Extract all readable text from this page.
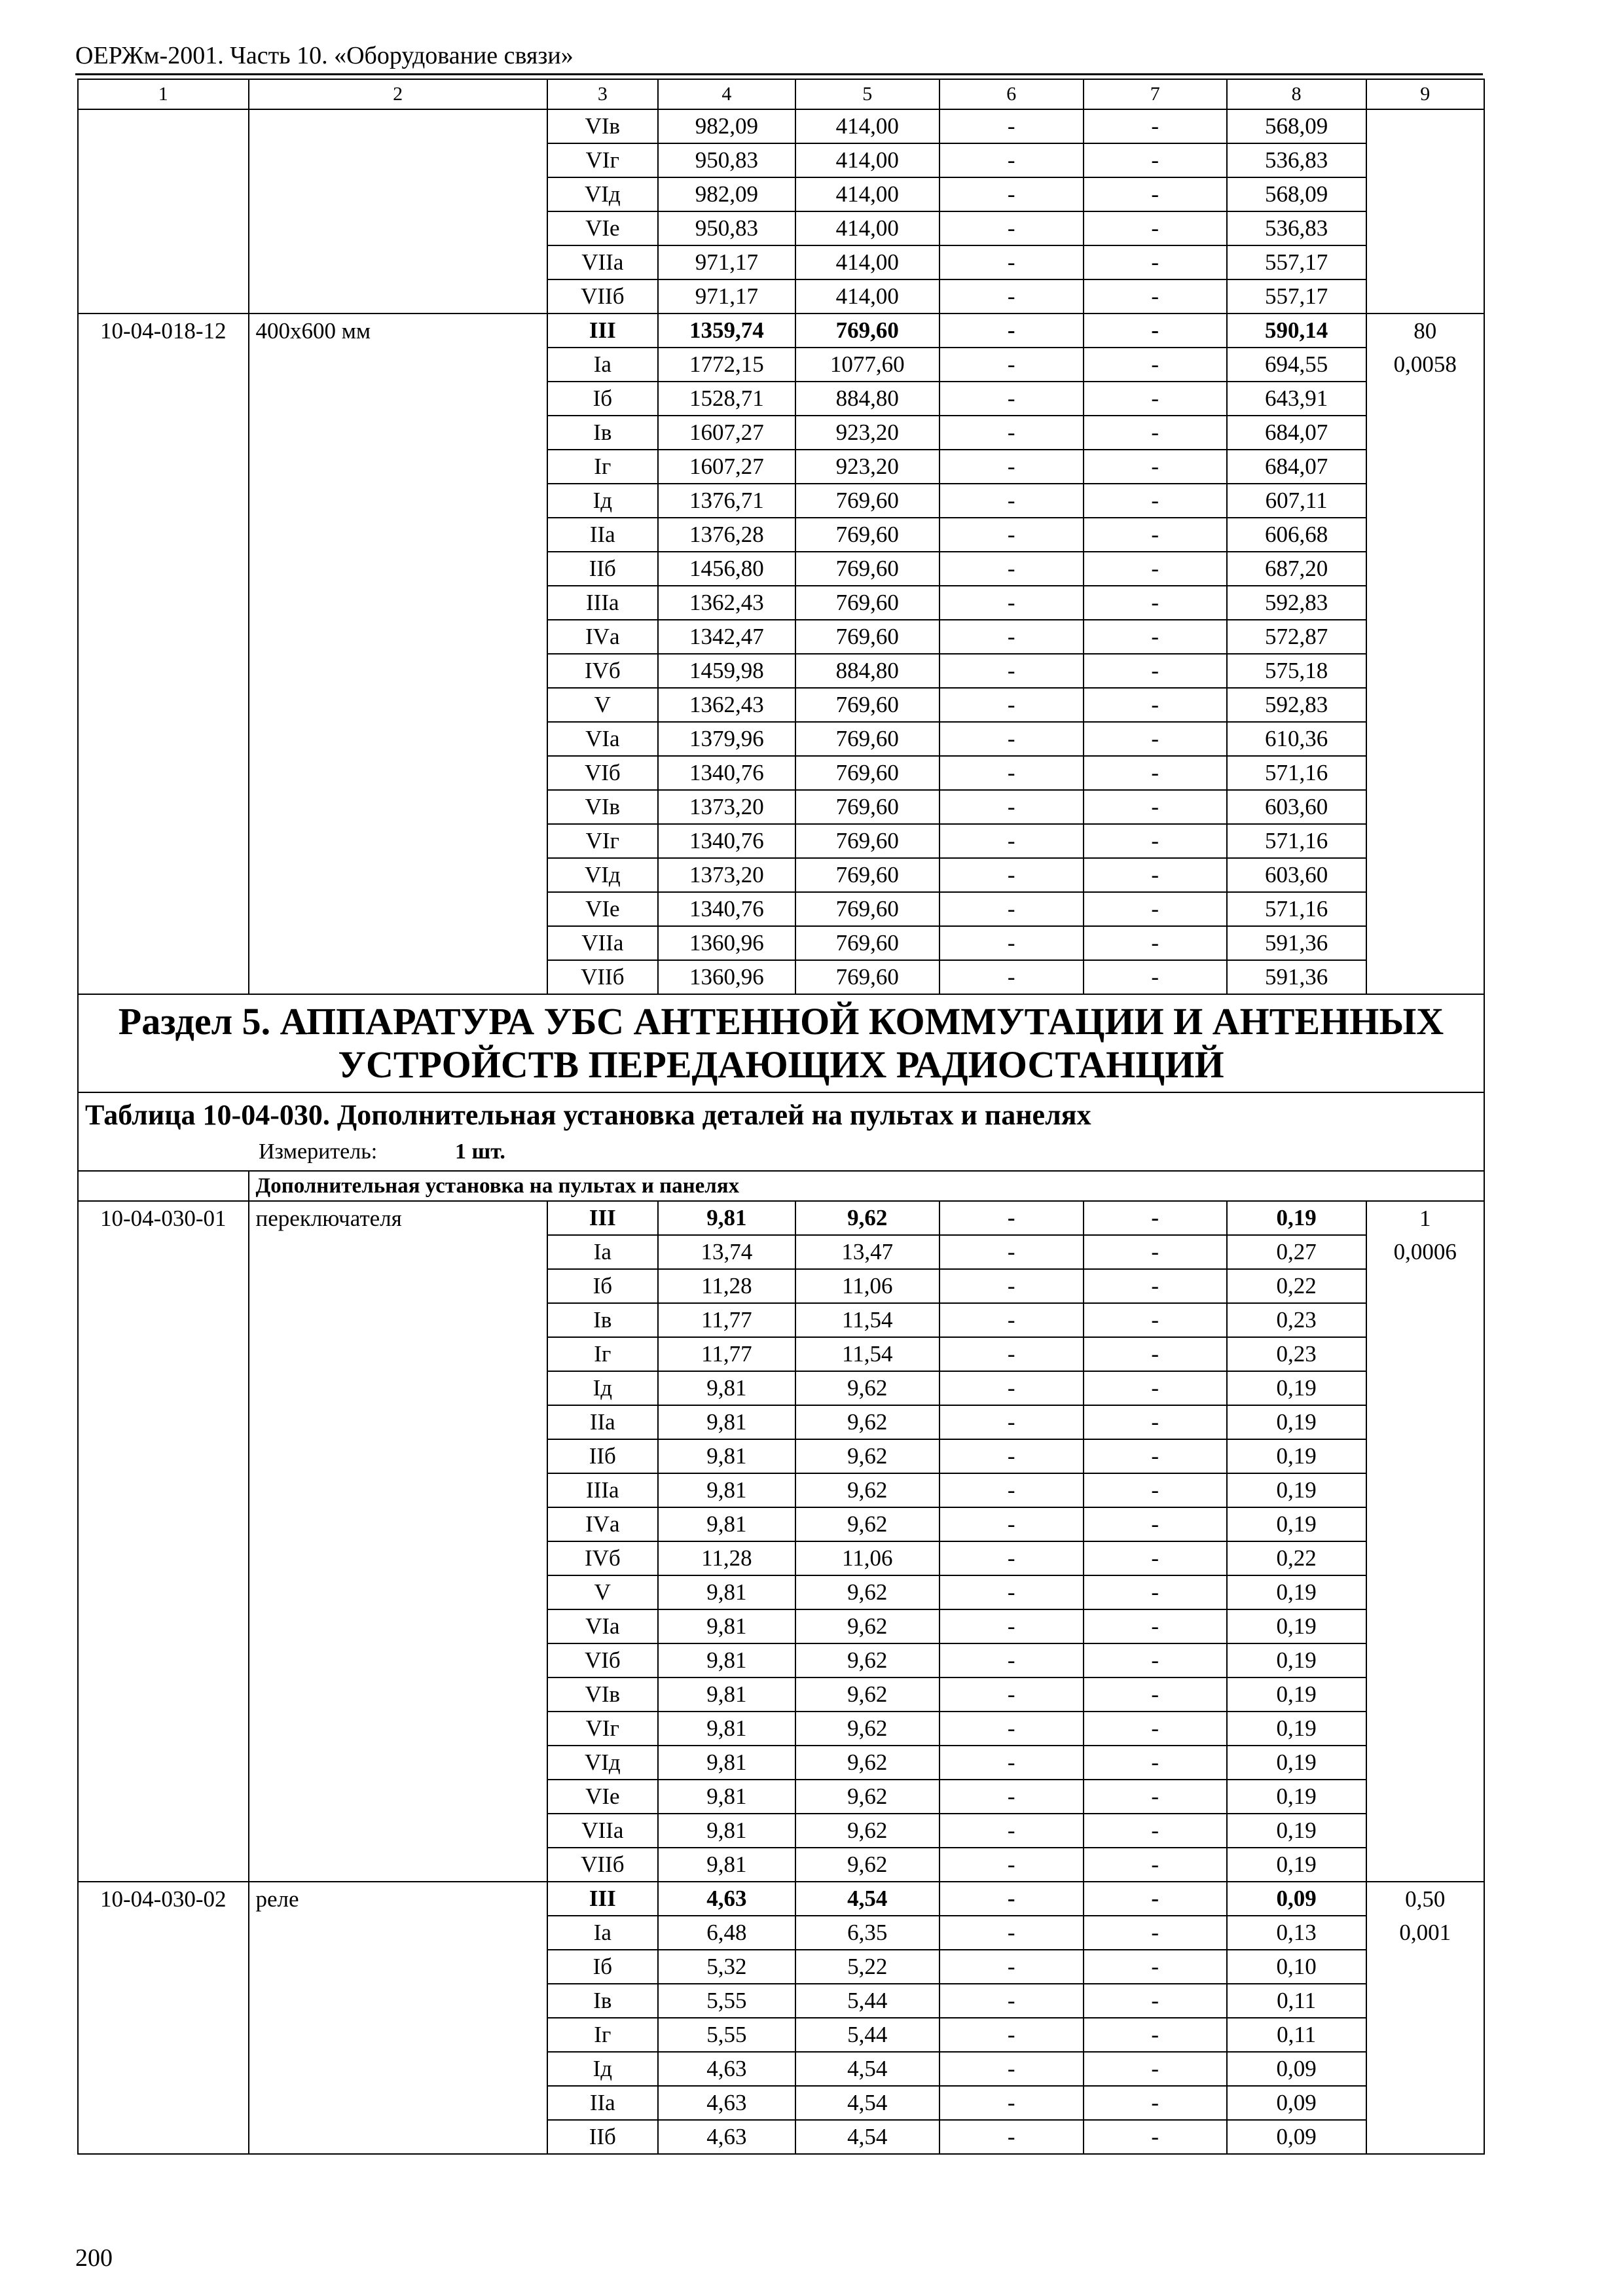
ОЕРЖм-2001. Часть 10. «Оборудование связи»
1	2	3	4	5	6	7	8	9
		VIв	982,09	414,00	-	-	568,09	
		VIг	950,83	414,00	-	-	536,83	
		VIд	982,09	414,00	-	-	568,09	
		VIе	950,83	414,00	-	-	536,83	
		VIIа	971,17	414,00	-	-	557,17	
		VIIб	971,17	414,00	-	-	557,17	
10-04-018-12	400х600 мм	III	1359,74	769,60	-	-	590,14	80
		Iа	1772,15	1077,60	-	-	694,55	0,0058
		Iб	1528,71	884,80	-	-	643,91	
		Iв	1607,27	923,20	-	-	684,07	
		Iг	1607,27	923,20	-	-	684,07	
		Iд	1376,71	769,60	-	-	607,11	
		IIа	1376,28	769,60	-	-	606,68	
		IIб	1456,80	769,60	-	-	687,20	
		IIIа	1362,43	769,60	-	-	592,83	
		IVа	1342,47	769,60	-	-	572,87	
		IVб	1459,98	884,80	-	-	575,18	
		V	1362,43	769,60	-	-	592,83	
		VIа	1379,96	769,60	-	-	610,36	
		VIб	1340,76	769,60	-	-	571,16	
		VIв	1373,20	769,60	-	-	603,60	
		VIг	1340,76	769,60	-	-	571,16	
		VIд	1373,20	769,60	-	-	603,60	
		VIе	1340,76	769,60	-	-	571,16	
		VIIа	1360,96	769,60	-	-	591,36	
		VIIб	1360,96	769,60	-	-	591,36	
Раздел 5. АППАРАТУРА УБС АНТЕННОЙ КОММУТАЦИИ И АНТЕННЫХ УСТРОЙСТВ ПЕРЕДАЮЩИХ РАДИОСТАНЦИЙ								
Таблица 10-04-030. Дополнительная установка деталей на пультах и панелях								
Измеритель: 1 шт.								
	Дополнительная установка на пультах и панелях							
10-04-030-01	переключателя	III	9,81	9,62	-	-	0,19	1
		Iа	13,74	13,47	-	-	0,27	0,0006
		Iб	11,28	11,06	-	-	0,22	
		Iв	11,77	11,54	-	-	0,23	
		Iг	11,77	11,54	-	-	0,23	
		Iд	9,81	9,62	-	-	0,19	
		IIа	9,81	9,62	-	-	0,19	
		IIб	9,81	9,62	-	-	0,19	
		IIIа	9,81	9,62	-	-	0,19	
		IVа	9,81	9,62	-	-	0,19	
		IVб	11,28	11,06	-	-	0,22	
		V	9,81	9,62	-	-	0,19	
		VIа	9,81	9,62	-	-	0,19	
		VIб	9,81	9,62	-	-	0,19	
		VIв	9,81	9,62	-	-	0,19	
		VIг	9,81	9,62	-	-	0,19	
		VIд	9,81	9,62	-	-	0,19	
		VIе	9,81	9,62	-	-	0,19	
		VIIа	9,81	9,62	-	-	0,19	
		VIIб	9,81	9,62	-	-	0,19	
10-04-030-02	реле	III	4,63	4,54	-	-	0,09	0,50
		Iа	6,48	6,35	-	-	0,13	0,001
		Iб	5,32	5,22	-	-	0,10	
		Iв	5,55	5,44	-	-	0,11	
		Iг	5,55	5,44	-	-	0,11	
		Iд	4,63	4,54	-	-	0,09	
		IIа	4,63	4,54	-	-	0,09	
		IIб	4,63	4,54	-	-	0,09	
200
